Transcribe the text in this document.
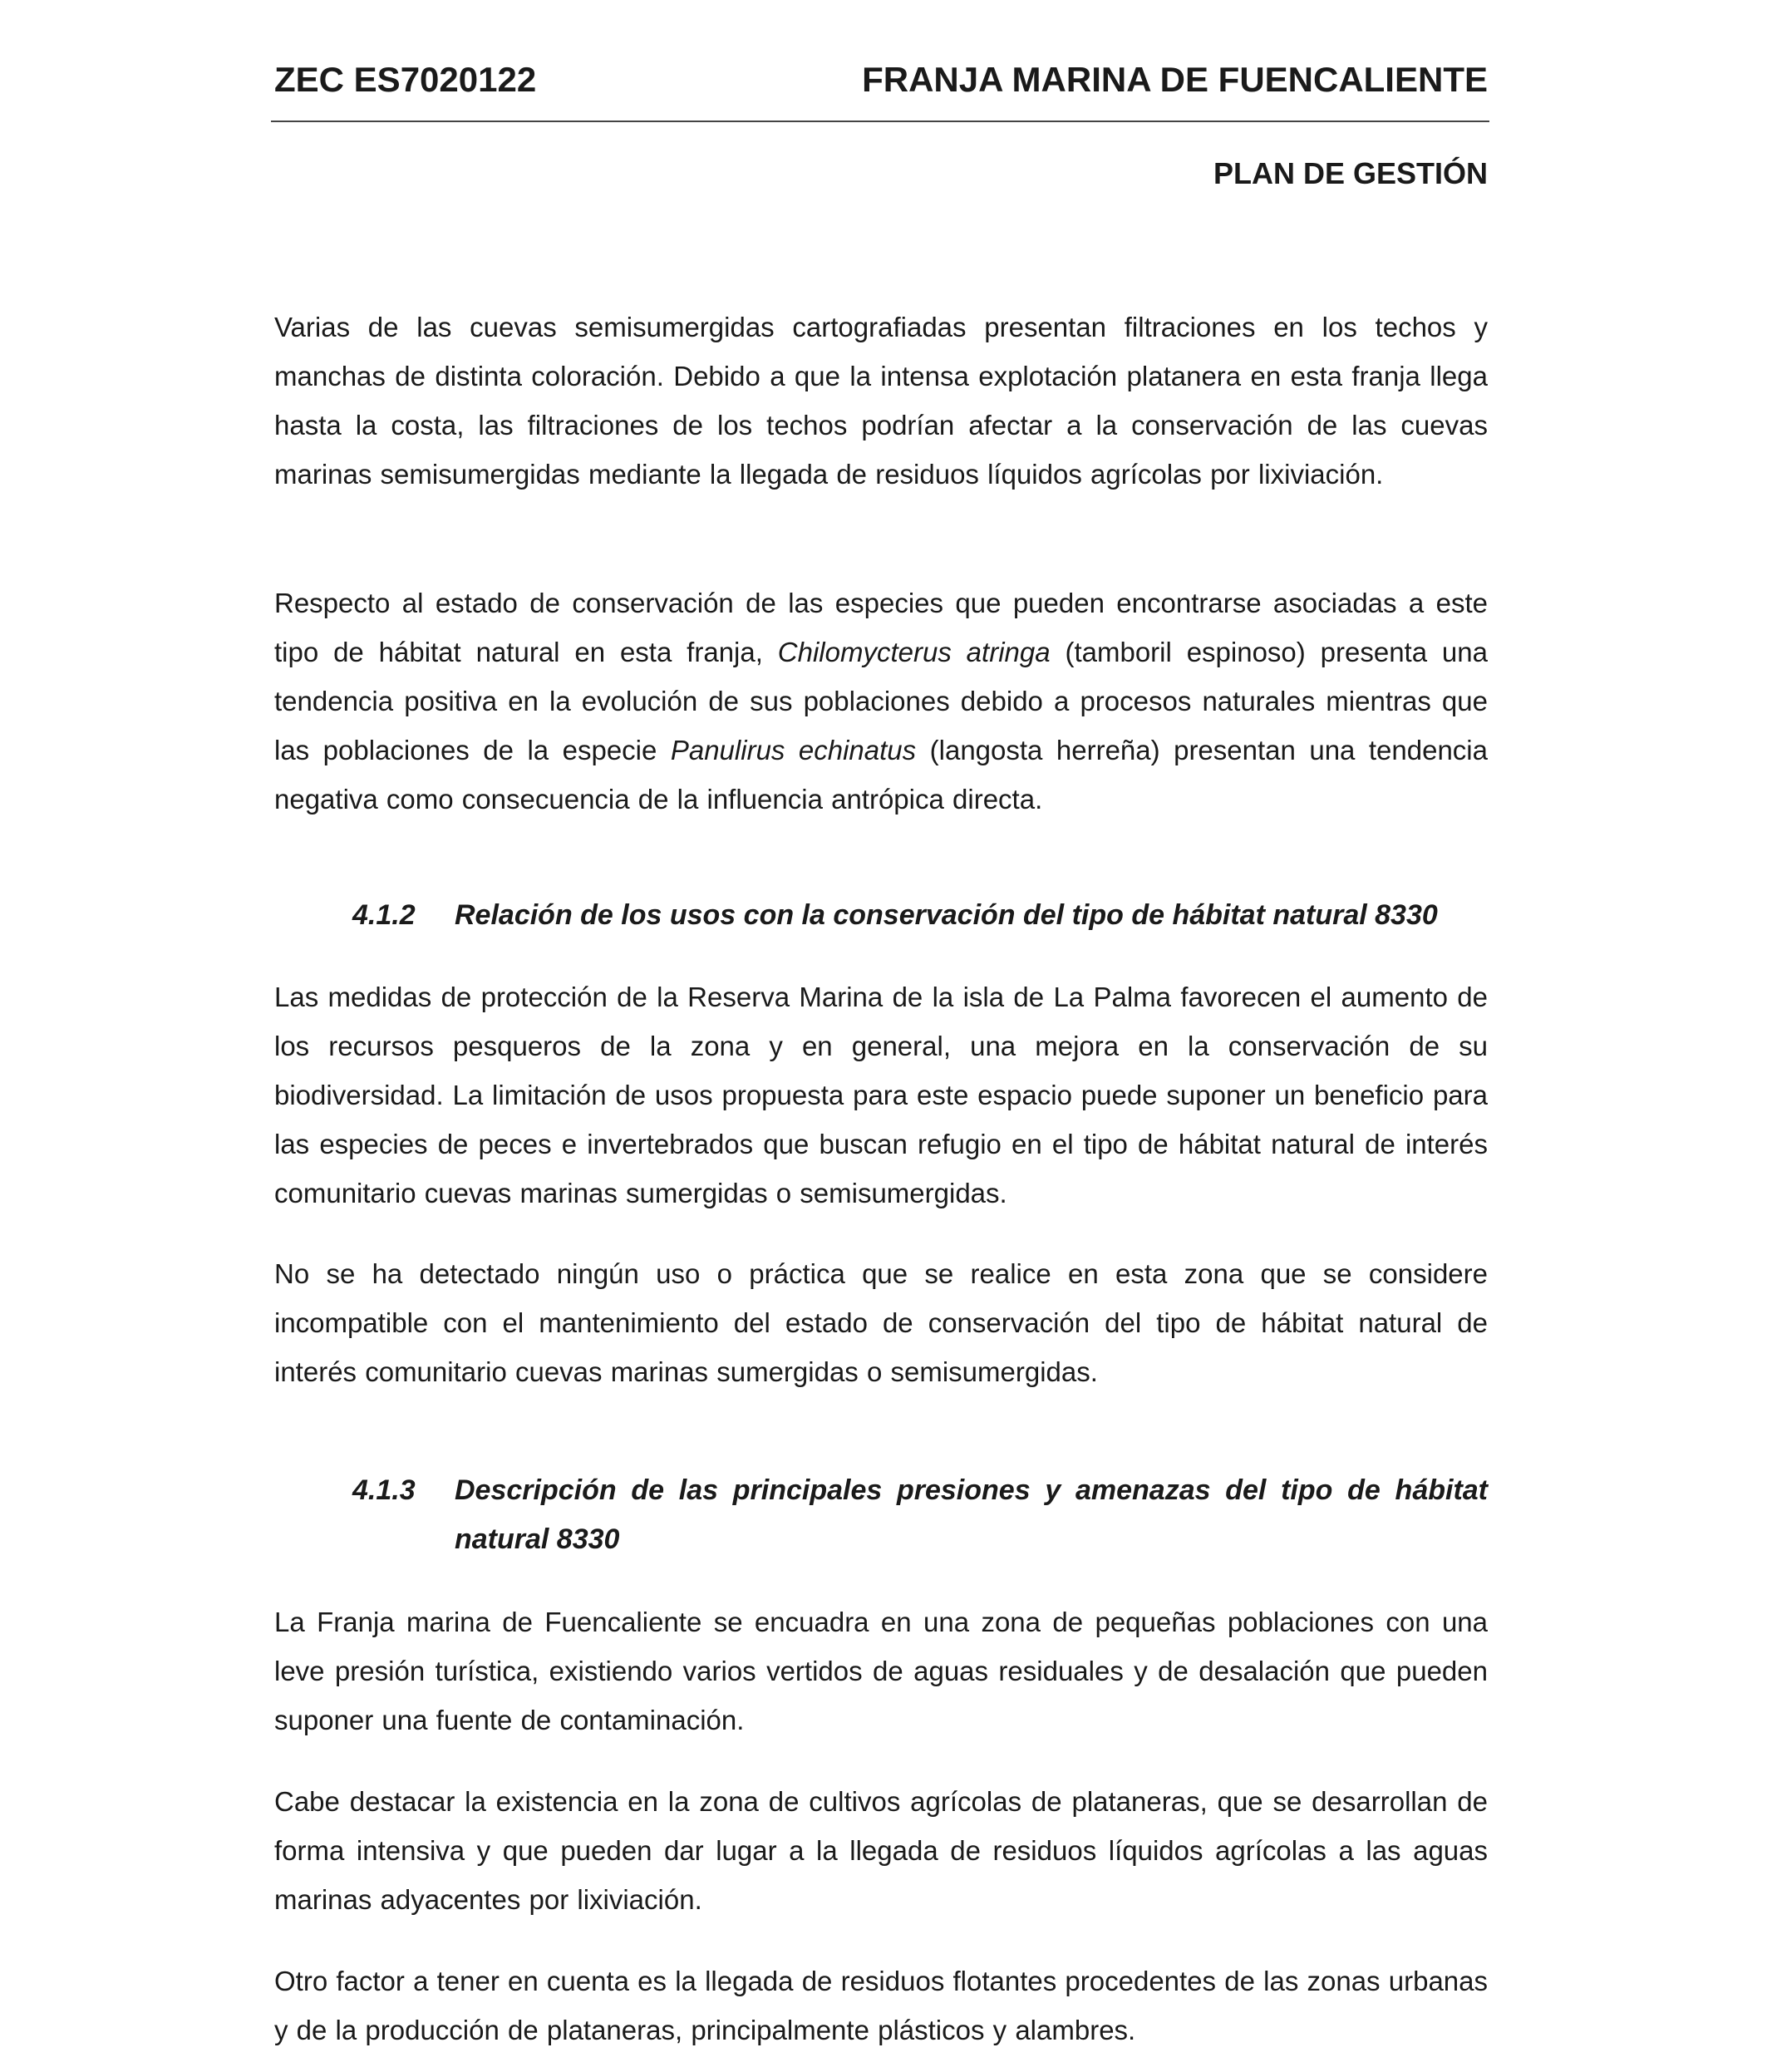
ZEC ES7020122	FRANJA MARINA DE FUENCALIENTE
PLAN DE GESTIÓN

Varias de las cuevas semisumergidas cartografiadas presentan filtraciones en los techos y manchas de distinta coloración. Debido a que la intensa explotación platanera en esta franja llega hasta la costa, las filtraciones de los techos podrían afectar a la conservación de las cuevas marinas semisumergidas mediante la llegada de residuos líquidos agrícolas por lixiviación.

Respecto al estado de conservación de las especies que pueden encontrarse asociadas a este tipo de hábitat natural en esta franja, Chilomycterus atringa (tamboril espinoso) presenta una tendencia positiva en la evolución de sus poblaciones debido a procesos naturales mientras que las poblaciones de la especie Panulirus echinatus (langosta herreña) presentan una tendencia negativa como consecuencia de la influencia antrópica directa.

4.1.2	Relación de los usos con la conservación del tipo de hábitat natural 8330

Las medidas de protección de la Reserva Marina de la isla de La Palma favorecen el aumento de los recursos pesqueros de la zona y en general, una mejora en la conservación de su biodiversidad. La limitación de usos propuesta para este espacio puede suponer un beneficio para las especies de peces e invertebrados que buscan refugio en el tipo de hábitat natural de interés comunitario cuevas marinas sumergidas o semisumergidas.

No se ha detectado ningún uso o práctica que se realice en esta zona que se considere incompatible con el mantenimiento del estado de conservación del tipo de hábitat natural de interés comunitario cuevas marinas sumergidas o semisumergidas.

4.1.3	Descripción de las principales presiones y amenazas del tipo de hábitat natural 8330

La Franja marina de Fuencaliente se encuadra en una zona de pequeñas poblaciones con una leve presión turística, existiendo varios vertidos de aguas residuales y de desalación que pueden suponer una fuente de contaminación.

Cabe destacar la existencia en la zona de cultivos agrícolas de plataneras, que se desarrollan de forma intensiva y que pueden dar lugar a la llegada de residuos líquidos agrícolas a las aguas marinas adyacentes por lixiviación.

Otro factor a tener en cuenta es la llegada de residuos flotantes procedentes de las zonas urbanas y de la producción de plataneras, principalmente plásticos y alambres.
